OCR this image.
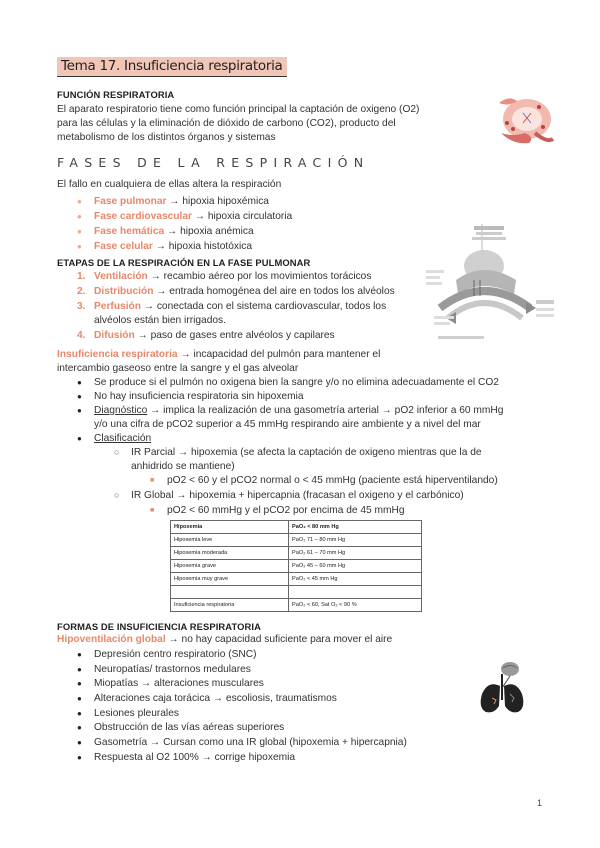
Tema 17. Insuficiencia respiratoria
FUNCIÓN RESPIRATORIA
El aparato respiratorio tiene como función principal la captación de oxigeno (O2)
para las células y la eliminación de dióxido de carbono (CO2), producto del
metabolismo de los distintos órganos y sistemas
FASES DE LA RESPIRACIÓN
El fallo en cualquiera de ellas altera la respiración
● Fase pulmonar → hipoxia hipoxémica
● Fase cardiovascular → hipoxia circulatoria
● Fase hemática → hipoxia anémica
● Fase celular → hipoxia histotóxica
ETAPAS DE LA RESPIRACIÓN EN LA FASE PULMONAR
1. Ventilación → recambio aéreo por los movimientos torácicos
2. Distribución → entrada homogénea del aire en todos los alvéolos
3. Perfusión → conectada con el sistema cardiovascular, todos los
alvéolos están bien irrigados.
4. Difusión → paso de gases entre alvéolos y capilares
Insuficiencia respiratoria → incapacidad del pulmón para mantener el
intercambio gaseoso entre la sangre y el gas alveolar
● Se produce si el pulmón no oxigena bien la sangre y/o no elimina adecuadamente el CO2
● No hay insuficiencia respiratoria sin hipoxemia
● Diagnóstico → implica la realización de una gasometría arterial → pO2 inferior a 60 mmHg
y/o una cifra de pCO2 superior a 45 mmHg respirando aire ambiente y a nivel del mar
● Clasificación
○ IR Parcial → hipoxemia (se afecta la captación de oxigeno mientras que la de
anhidrido se mantiene)
■ pO2 < 60 y el pCO2 normal o < 45 mmHg (paciente está hiperventilando)
○ IR Global → hipoxemia + hipercapnia (fracasan el oxigeno y el carbónico)
■ pO2 < 60 mmHg y el pCO2 por encima de 45 mmHg
Hipoxemia	PaO₂ < 80 mm Hg
Hipoxemia leve	PaO₂ 71 – 80 mm Hg
Hipoxemia moderada	PaO₂ 61 – 70 mm Hg
Hipoxemia grave	PaO₂ 45 – 60 mm Hg
Hipoxemia muy grave	PaO₂ < 45 mm Hg

Insuficiencia respiratoria	PaO₂ < 60, Sat O₂ < 90 %
FORMAS DE INSUFICIENCIA RESPIRATORIA
Hipoventilación global → no hay capacidad suficiente para mover el aire
● Depresión centro respiratorio (SNC)
● Neuropatías/ trastornos medulares
● Miopatías → alteraciones musculares
● Alteraciones caja torácica → escoliosis, traumatismos
● Lesiones pleurales
● Obstrucción de las vías aéreas superiores
● Gasometría → Cursan como una IR global (hipoxemia + hipercapnia)
● Respuesta al O2 100% → corrige hipoxemia
1
